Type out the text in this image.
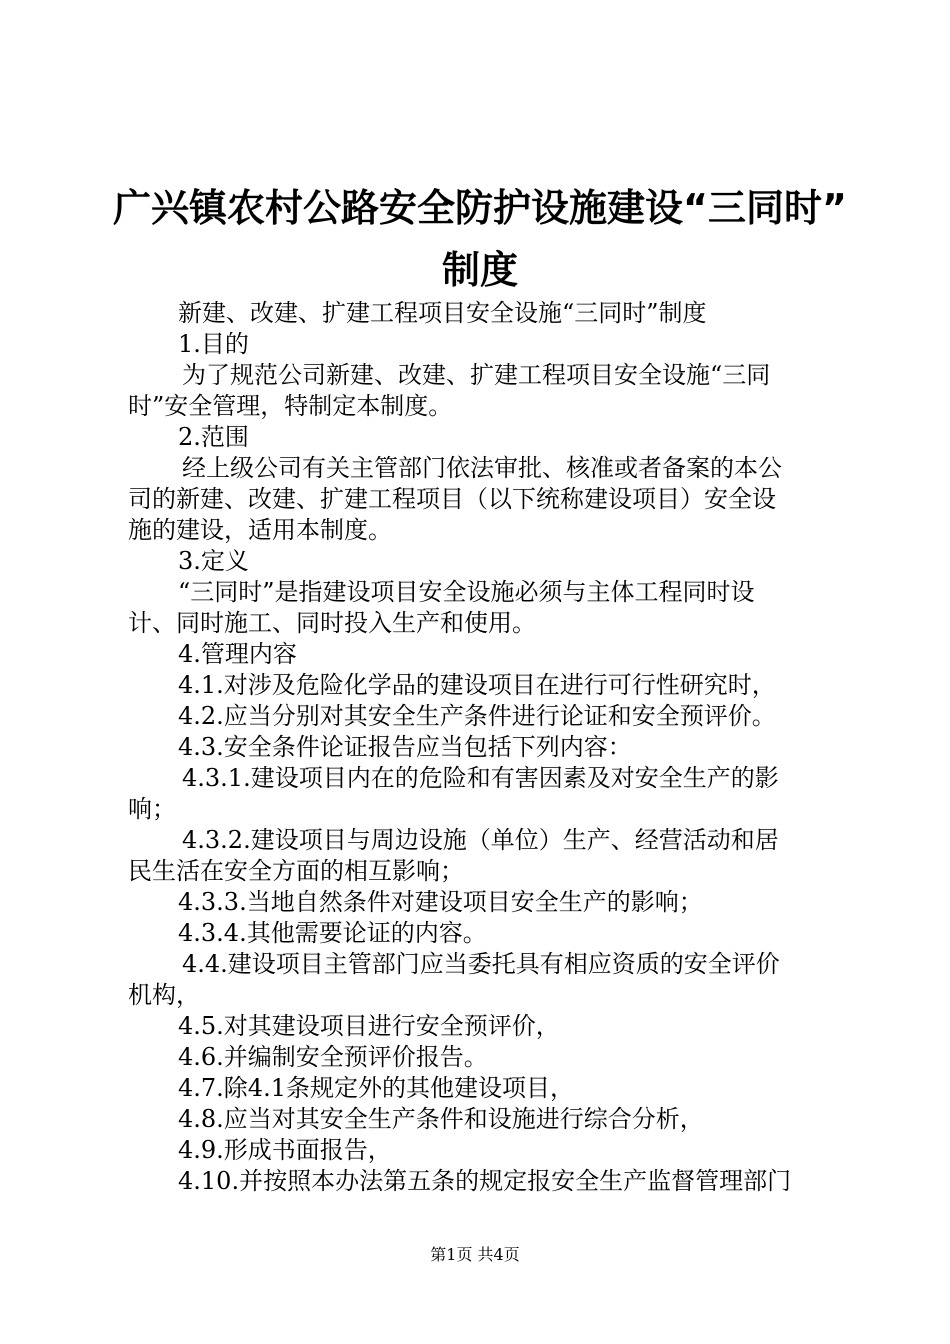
广兴镇农村公路安全防护设施建设“三同时”
制度

新建、改建、扩建工程项目安全设施“三同时”制度

1.目的

为了规范公司新建、改建、扩建工程项目安全设施“三同

时”安全管理，特制定本制度。

2.范围

经上级公司有关主管部门依法审批、核准或者备案的本公

司的新建、改建、扩建工程项目（以下统称建设项目）安全设

施的建设，适用本制度。

3.定义

“三同时”是指建设项目安全设施必须与主体工程同时设

计、同时施工、同时投入生产和使用。

4.管理内容

4.1.对涉及危险化学品的建设项目在进行可行性研究时，

4.2.应当分别对其安全生产条件进行论证和安全预评价。

4.3.安全条件论证报告应当包括下列内容：

4.3.1.建设项目内在的危险和有害因素及对安全生产的影

响；

4.3.2.建设项目与周边设施（单位）生产、经营活动和居

民生活在安全方面的相互影响；

4.3.3.当地自然条件对建设项目安全生产的影响；

4.3.4.其他需要论证的内容。

4.4.建设项目主管部门应当委托具有相应资质的安全评价

机构，

4.5.对其建设项目进行安全预评价，

4.6.并编制安全预评价报告。

4.7.除4.1条规定外的其他建设项目，

4.8.应当对其安全生产条件和设施进行综合分析，

4.9.形成书面报告，

4.10.并按照本办法第五条的规定报安全生产监督管理部门

第1页 共4页
